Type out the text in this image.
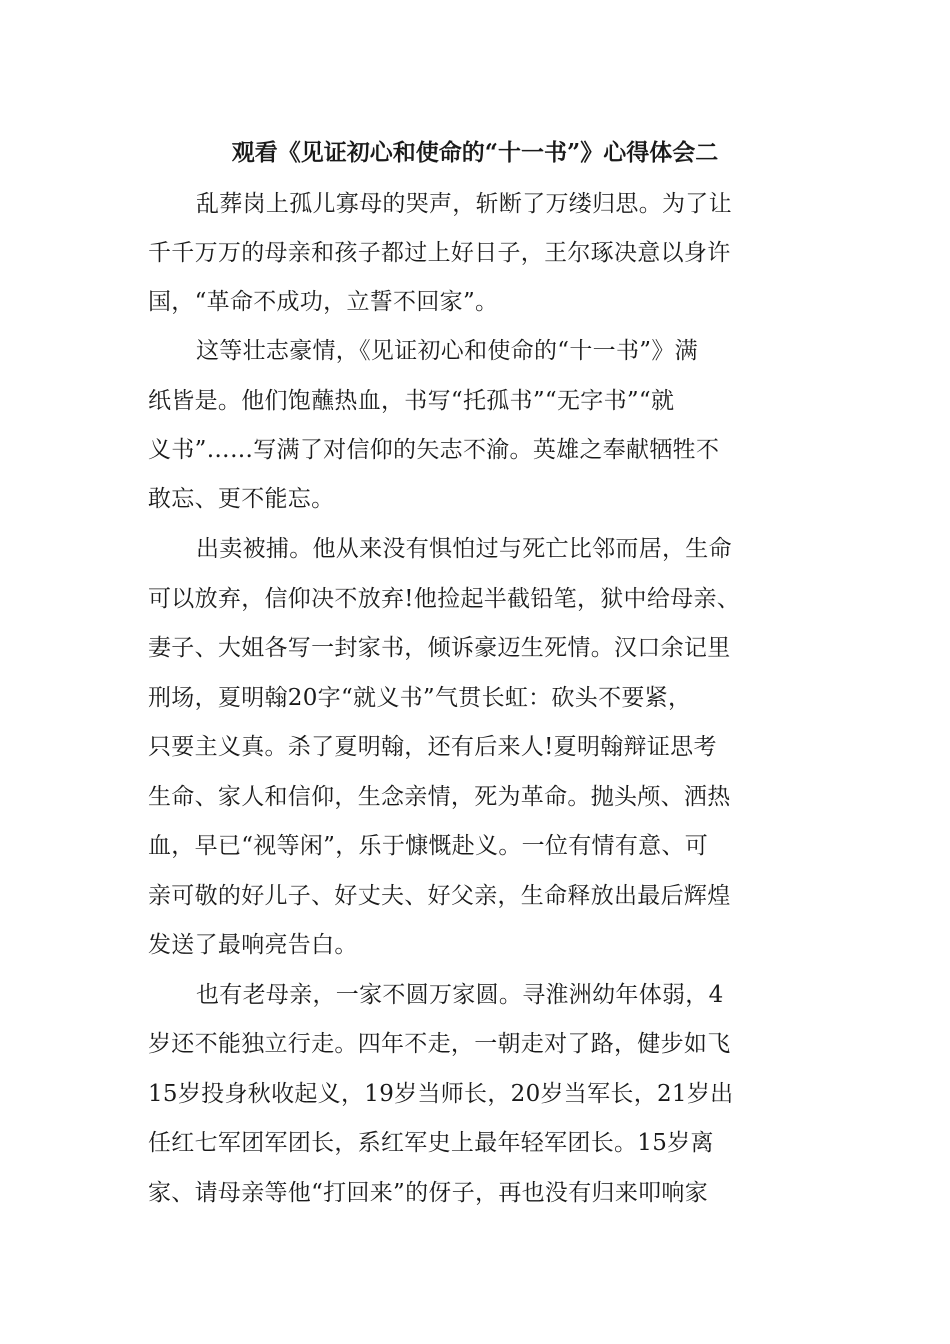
观看《见证初心和使命的“十一书”》心得体会二
乱葬岗上孤儿寡母的哭声，斩断了万缕归思。为了让
千千万万的母亲和孩子都过上好日子，王尔琢决意以身许
国，“革命不成功，立誓不回家”。
这等壮志豪情，《见证初心和使命的“十一书”》满
纸皆是。他们饱蘸热血，书写“托孤书”“无字书”“就
义书”……写满了对信仰的矢志不渝。英雄之奉献牺牲不
敢忘、更不能忘。
出卖被捕。他从来没有惧怕过与死亡比邻而居，生命
可以放弃，信仰决不放弃!他捡起半截铅笔，狱中给母亲、
妻子、大姐各写一封家书，倾诉豪迈生死情。汉口余记里
刑场，夏明翰20字“就义书”气贯长虹：砍头不要紧，
只要主义真。杀了夏明翰，还有后来人!夏明翰辩证思考
生命、家人和信仰，生念亲情，死为革命。抛头颅、洒热
血，早已“视等闲”，乐于慷慨赴义。一位有情有意、可
亲可敬的好儿子、好丈夫、好父亲，生命释放出最后辉煌
发送了最响亮告白。
也有老母亲，一家不圆万家圆。寻淮洲幼年体弱，4
岁还不能独立行走。四年不走，一朝走对了路，健步如飞
15岁投身秋收起义，19岁当师长，20岁当军长，21岁出
任红七军团军团长，系红军史上最年轻军团长。15岁离
家、请母亲等他“打回来”的伢子，再也没有归来叩响家
